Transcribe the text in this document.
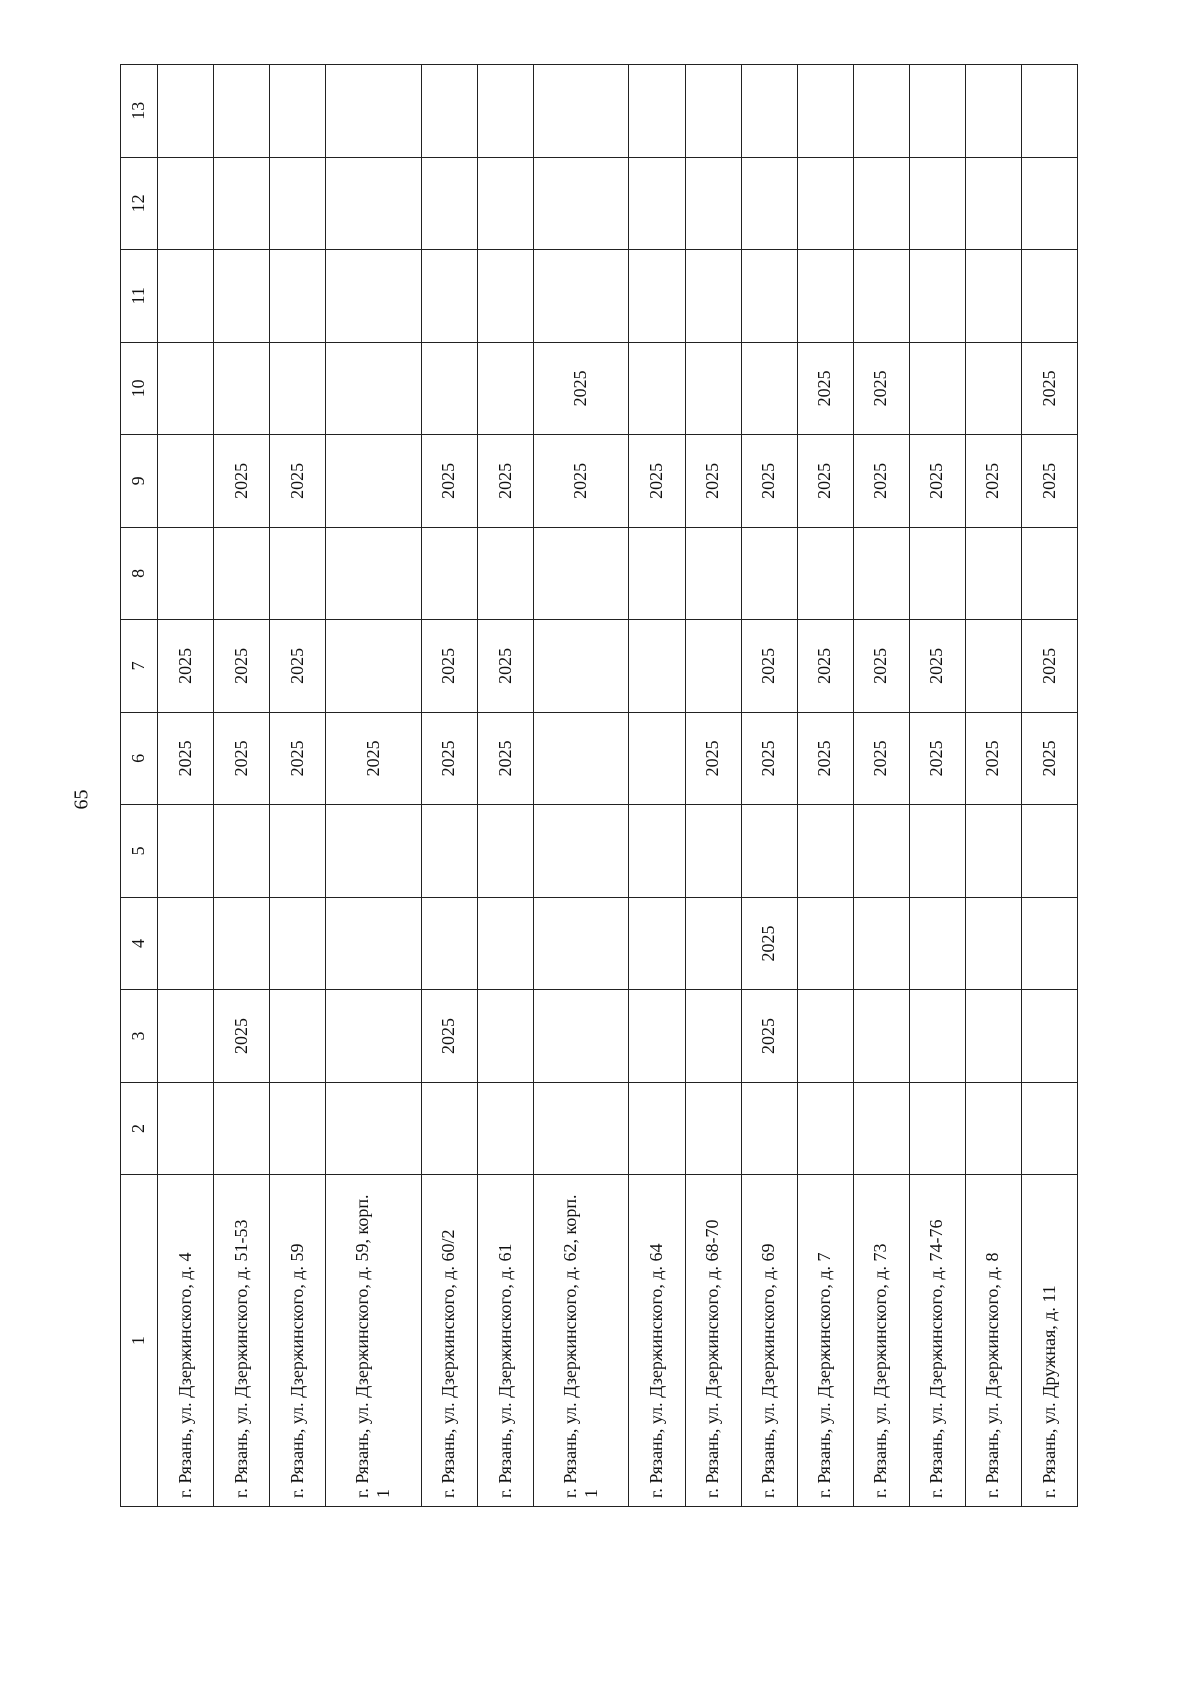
65
1	2	3	4	5	6	7	8	9	10	11	12	13
г. Рязань, ул. Дзержинского, д. 4					2025	2025						
г. Рязань, ул. Дзержинского, д. 51-53		2025			2025	2025		2025				
г. Рязань, ул. Дзержинского, д. 59					2025	2025		2025				
г. Рязань, ул. Дзержинского, д. 59, корп. 1					2025							
г. Рязань, ул. Дзержинского, д. 60/2		2025			2025	2025		2025				
г. Рязань, ул. Дзержинского, д. 61					2025	2025		2025				
г. Рязань, ул. Дзержинского, д. 62, корп. 1								2025	2025			
г. Рязань, ул. Дзержинского, д. 64								2025				
г. Рязань, ул. Дзержинского, д. 68-70					2025			2025				
г. Рязань, ул. Дзержинского, д. 69		2025	2025		2025	2025		2025				
г. Рязань, ул. Дзержинского, д. 7					2025	2025		2025	2025			
г. Рязань, ул. Дзержинского, д. 73					2025	2025		2025	2025			
г. Рязань, ул. Дзержинского, д. 74-76					2025	2025		2025				
г. Рязань, ул. Дзержинского, д. 8					2025			2025				
г. Рязань, ул. Дружная, д. 11					2025	2025		2025	2025			
